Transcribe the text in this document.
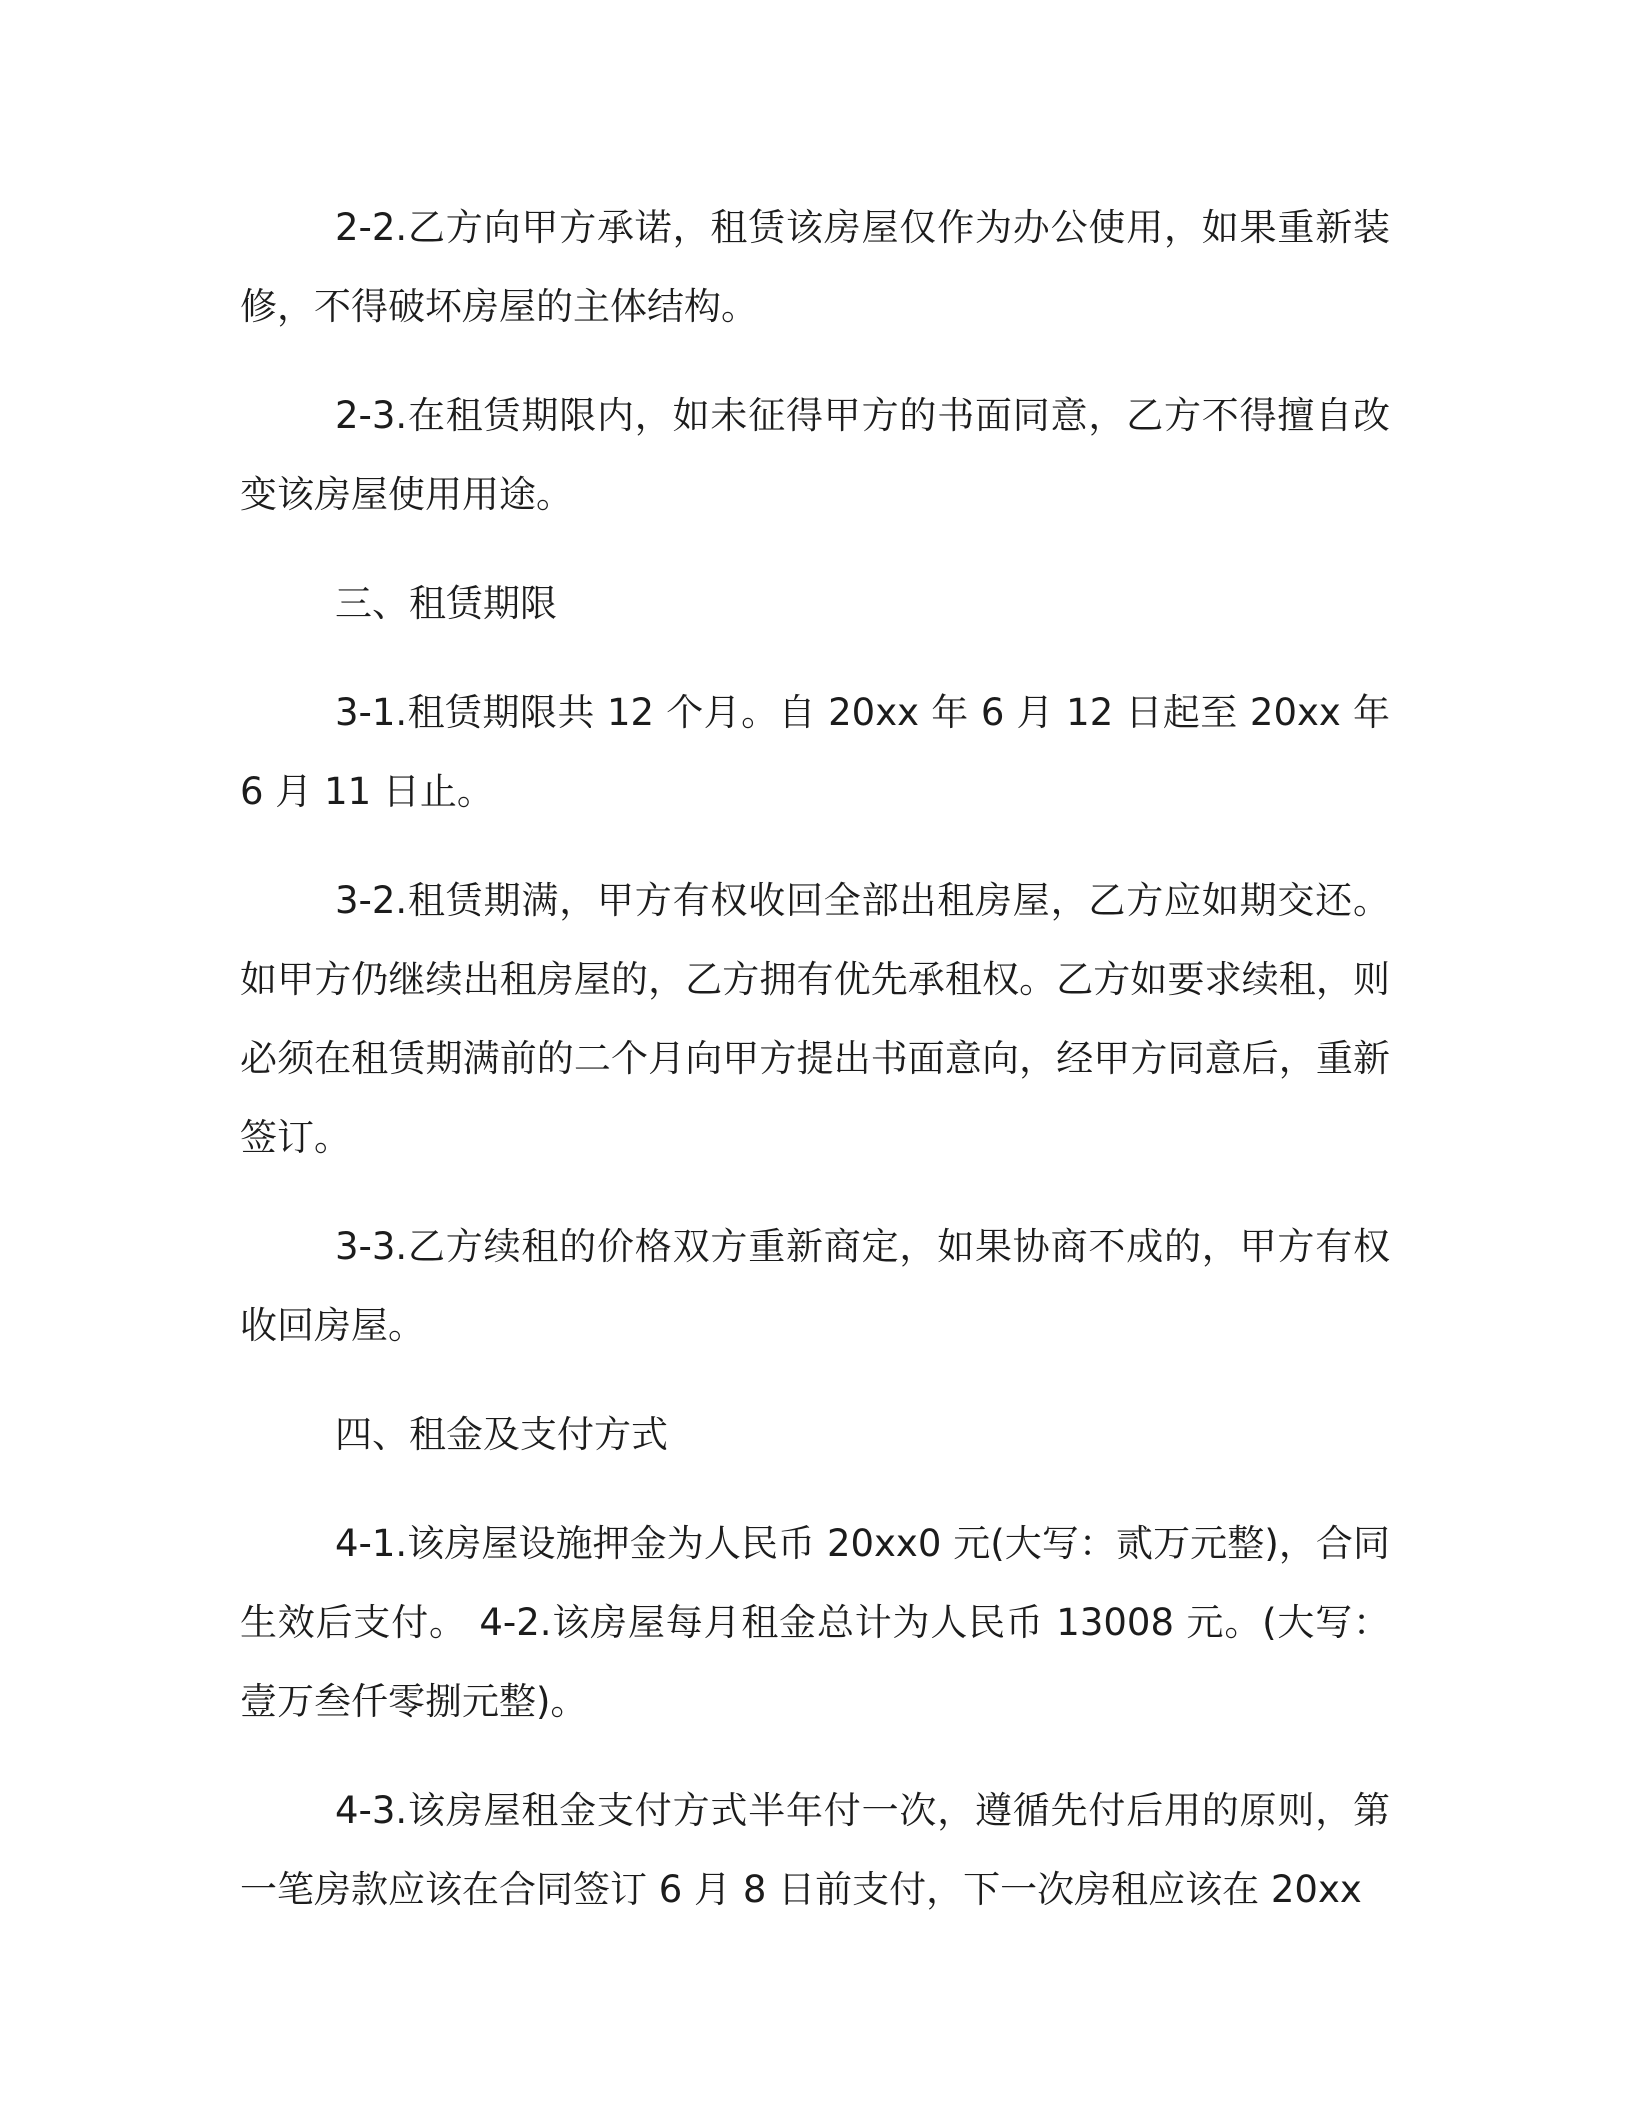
2-2.乙方向甲方承诺，租赁该房屋仅作为办公使用，如果重新装修，不得破坏房屋的主体结构。

2-3.在租赁期限内，如未征得甲方的书面同意，乙方不得擅自改变该房屋使用用途。

三、租赁期限

3-1.租赁期限共 12 个月。自 20xx 年 6 月 12 日起至 20xx 年 6 月 11 日止。

3-2.租赁期满，甲方有权收回全部出租房屋，乙方应如期交还。如甲方仍继续出租房屋的，乙方拥有优先承租权。乙方如要求续租，则必须在租赁期满前的二个月向甲方提出书面意向，经甲方同意后，重新签订。

3-3.乙方续租的价格双方重新商定，如果协商不成的，甲方有权收回房屋。

四、租金及支付方式

4-1.该房屋设施押金为人民币 20xx0 元(大写：贰万元整)，合同生效后支付。 4-2.该房屋每月租金总计为人民币 13008 元。(大写：壹万叁仟零捌元整)。

4-3.该房屋租金支付方式半年付一次，遵循先付后用的原则，第一笔房款应该在合同签订 6 月 8 日前支付，下一次房租应该在 20xx
